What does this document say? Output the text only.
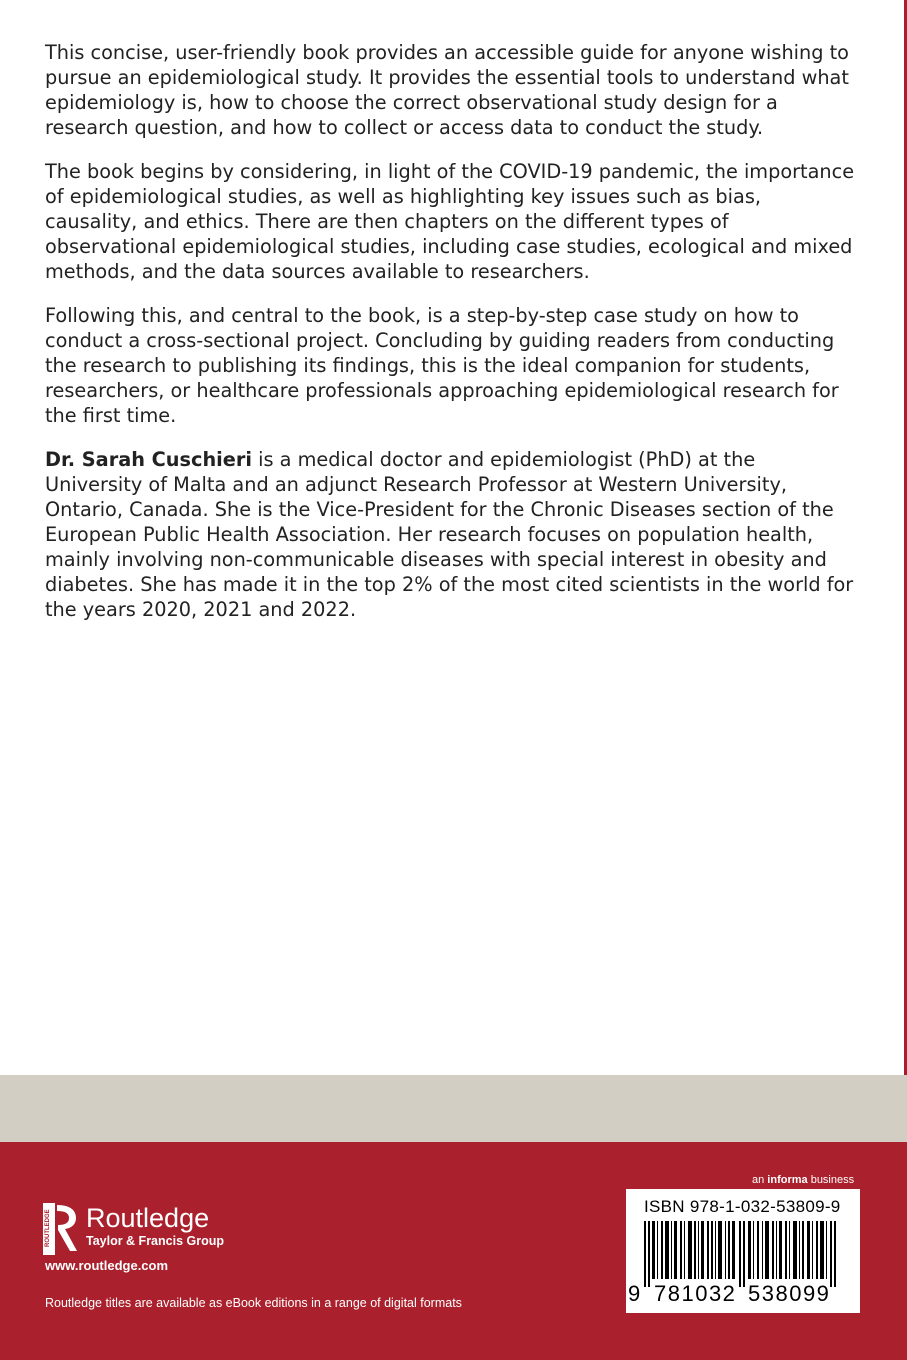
This concise, user-friendly book provides an accessible guide for anyone wishing to pursue an epidemiological study. It provides the essential tools to understand what epidemiology is, how to choose the correct observational study design for a research question, and how to collect or access data to conduct the study.

The book begins by considering, in light of the COVID-19 pandemic, the importance of epidemiological studies, as well as highlighting key issues such as bias, causality, and ethics. There are then chapters on the different types of observational epidemiological studies, including case studies, ecological and mixed methods, and the data sources available to researchers.

Following this, and central to the book, is a step-by-step case study on how to conduct a cross-sectional project. Concluding by guiding readers from conducting the research to publishing its findings, this is the ideal companion for students, researchers, or healthcare professionals approaching epidemiological research for the first time.

Dr. Sarah Cuschieri is a medical doctor and epidemiologist (PhD) at the University of Malta and an adjunct Research Professor at Western University, Ontario, Canada. She is the Vice-President for the Chronic Diseases section of the European Public Health Association. Her research focuses on population health, mainly involving non-communicable diseases with special interest in obesity and diabetes. She has made it in the top 2% of the most cited scientists in the world for the years 2020, 2021 and 2022.

ROUTLEDGE	Routledge
Taylor & Francis Group
www.routledge.com
Routledge titles are available as eBook editions in a range of digital formats
an informa business
ISBN 978-1-032-53809-9
9 781032 538099
